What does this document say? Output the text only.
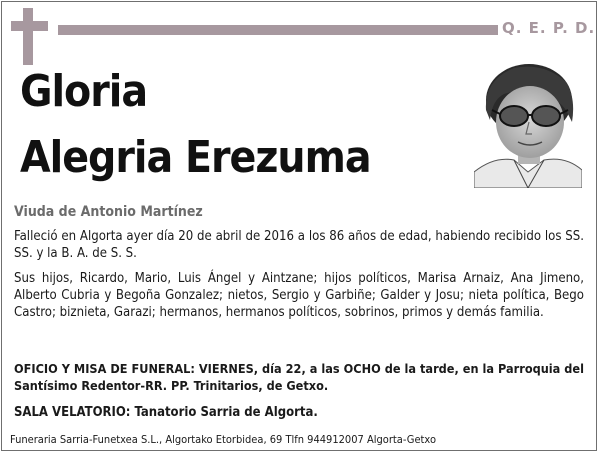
Q. E. P. D.
Gloria
Alegria Erezuma
Viuda de Antonio Martínez
Falleció en Algorta ayer día 20 de abril de 2016 a los 86 años de edad, habiendo recibido los SS. SS. y la B. A. de S. S.
Sus hijos, Ricardo, Mario, Luis Ángel y Aintzane; hijos políticos, Marisa Arnaiz, Ana Jimeno, Alberto Cubria y Begoña Gonzalez; nietos, Sergio y Garbiñe; Galder y Josu; nieta política, Bego Castro; biznieta, Garazi; hermanos, hermanos políticos, sobrinos, primos y demás familia.
OFICIO Y MISA DE FUNERAL: VIERNES, día 22, a las OCHO de la tarde, en la Parroquia del Santísimo Redentor-RR. PP. Trinitarios, de Getxo.
SALA VELATORIO: Tanatorio Sarria de Algorta.
Funeraria Sarria-Funetxea S.L., Algortako Etorbidea, 69 Tlfn 944912007 Algorta-Getxo
